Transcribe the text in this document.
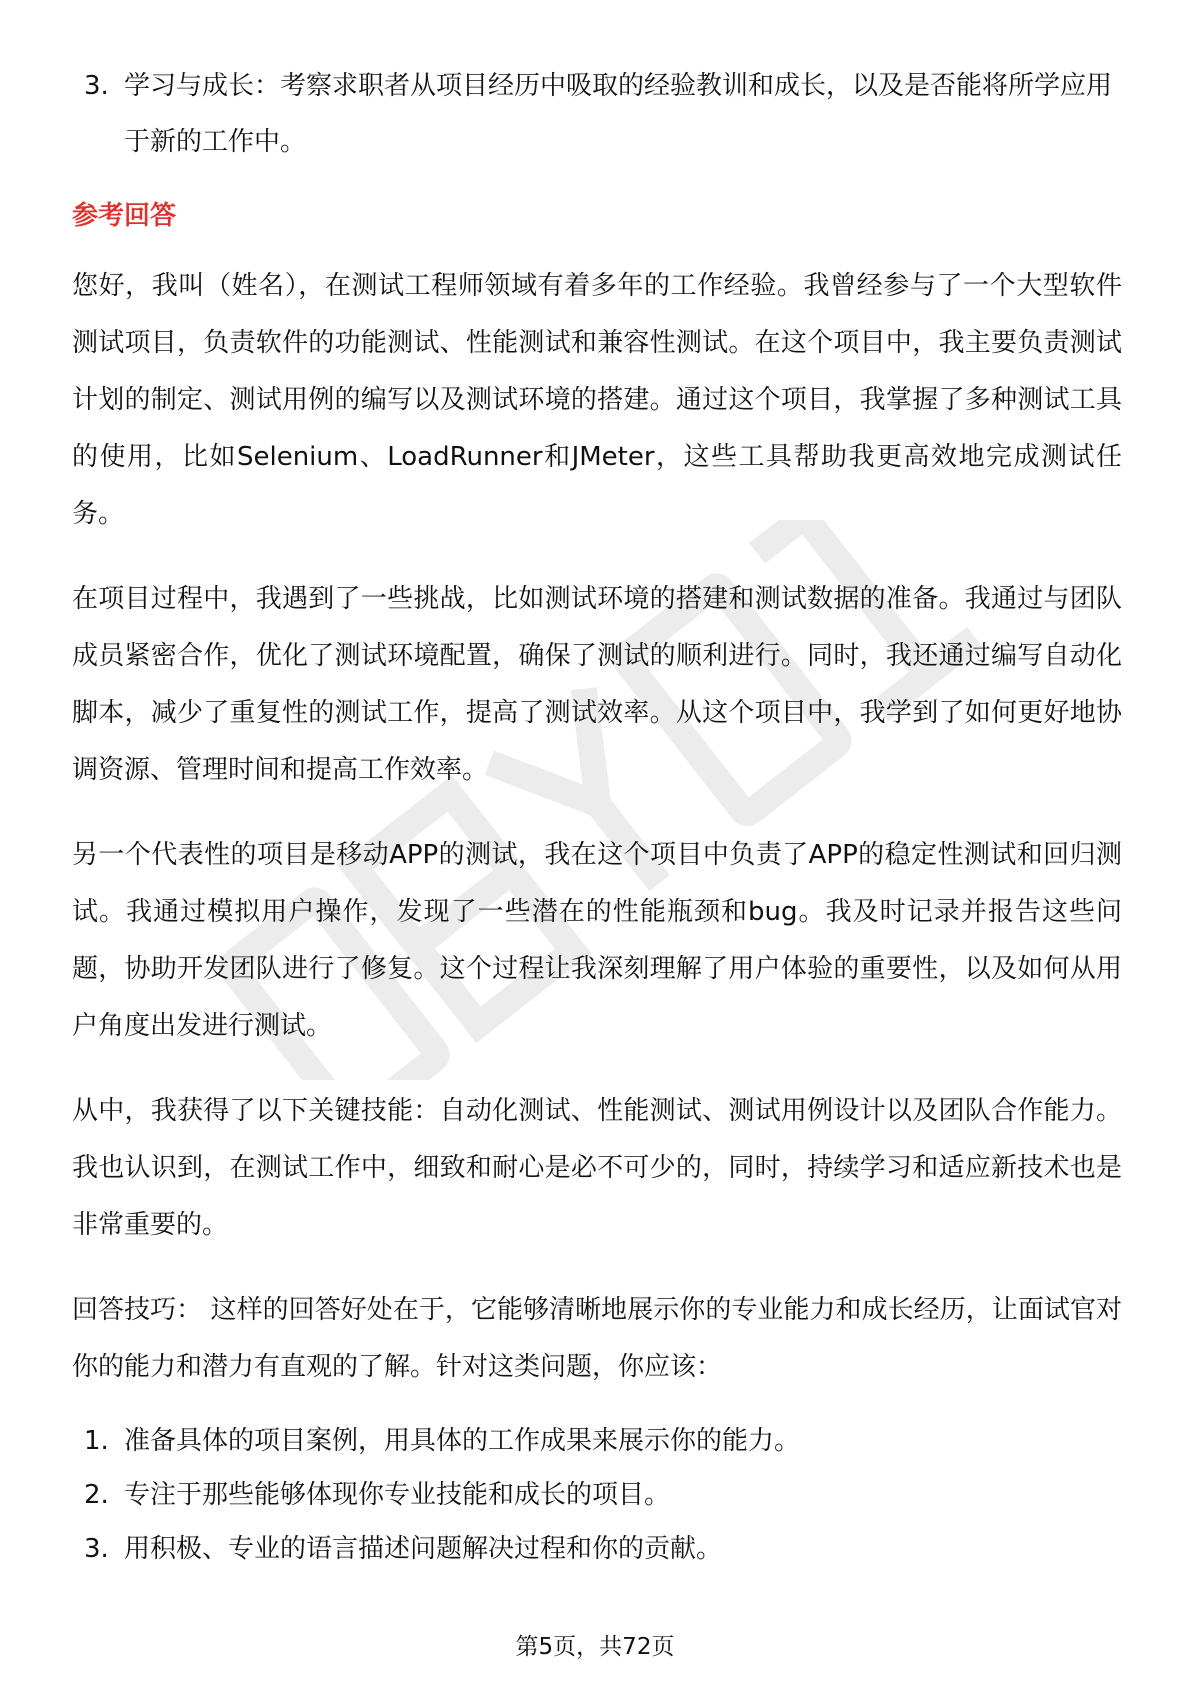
3. 学习与成长：考察求职者从项目经历中吸取的经验教训和成长，以及是否能将所学应用于新的工作中。
参考回答

您好，我叫（姓名），在测试工程师领域有着多年的工作经验。我曾经参与了一个大型软件测试项目，负责软件的功能测试、性能测试和兼容性测试。在这个项目中，我主要负责测试计划的制定、测试用例的编写以及测试环境的搭建。通过这个项目，我掌握了多种测试工具的使用，比如Selenium、LoadRunner和JMeter，这些工具帮助我更高效地完成测试任务。

在项目过程中，我遇到了一些挑战，比如测试环境的搭建和测试数据的准备。我通过与团队成员紧密合作，优化了测试环境配置，确保了测试的顺利进行。同时，我还通过编写自动化脚本，减少了重复性的测试工作，提高了测试效率。从这个项目中，我学到了如何更好地协调资源、管理时间和提高工作效率。

另一个代表性的项目是移动APP的测试，我在这个项目中负责了APP的稳定性测试和回归测试。我通过模拟用户操作，发现了一些潜在的性能瓶颈和bug。我及时记录并报告这些问题，协助开发团队进行了修复。这个过程让我深刻理解了用户体验的重要性，以及如何从用户角度出发进行测试。

从中，我获得了以下关键技能：自动化测试、性能测试、测试用例设计以及团队合作能力。我也认识到，在测试工作中，细致和耐心是必不可少的，同时，持续学习和适应新技术也是非常重要的。

回答技巧： 这样的回答好处在于，它能够清晰地展示你的专业能力和成长经历，让面试官对你的能力和潜力有直观的了解。针对这类问题，你应该：

1. 准备具体的项目案例，用具体的工作成果来展示你的能力。
2. 专注于那些能够体现你专业技能和成长的项目。
3. 用积极、专业的语言描述问题解决过程和你的贡献。
第5页，共72页
